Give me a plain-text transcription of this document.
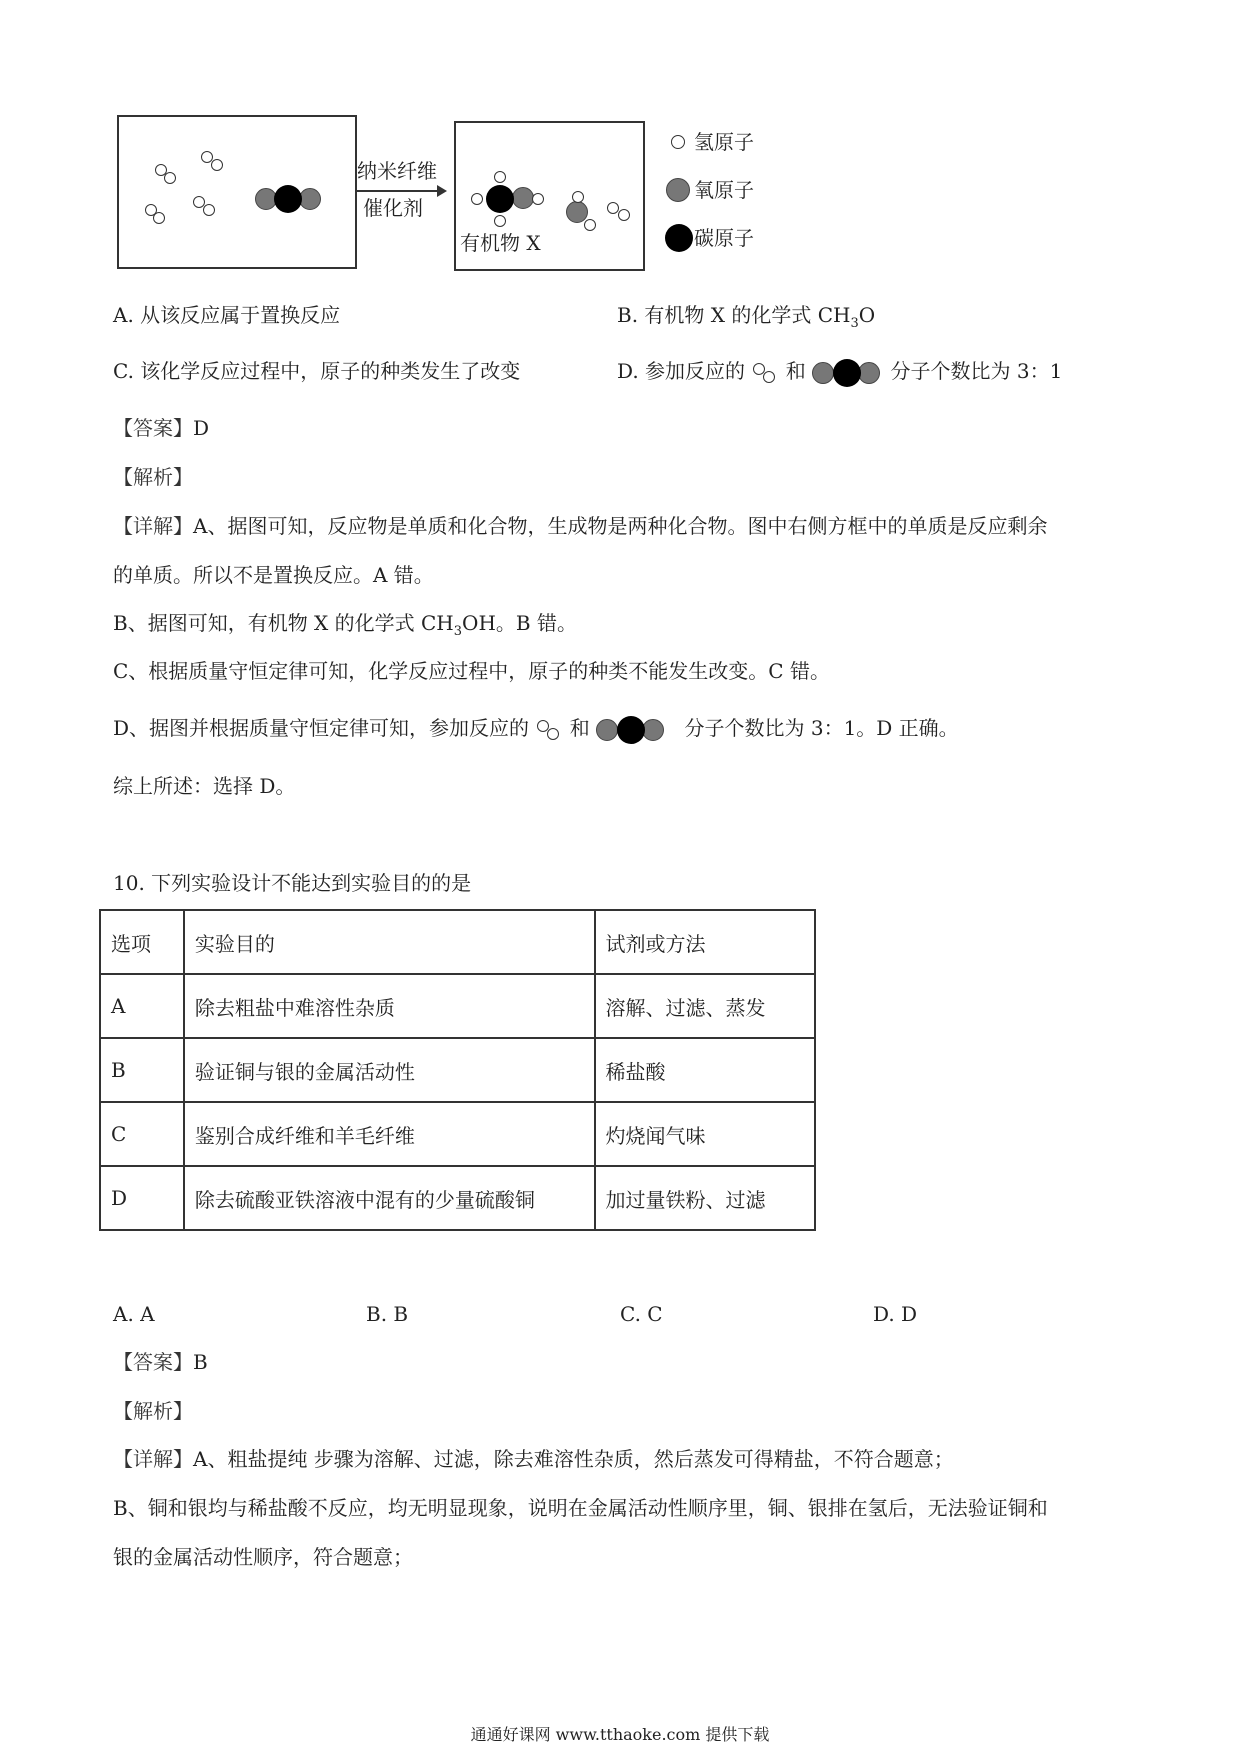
纳米纤维
催化剂
有机物 X
氢原子
氧原子
碳原子
A. 从该反应属于置换反应	B. 有机物 X 的化学式 $CH_3O$
C. 该化学反应过程中，原子的种类发生了改变	D. 参加反应的 和	分子个数比为 3：1
【答案】D
【解析】
【详解】A、据图可知，反应物是单质和化合物，生成物是两种化合物。图中右侧方框中的单质是反应剩余
的单质。所以不是置换反应。A 错。
B、据图可知，有机物 X 的化学式 $CH_3OH$。B 错。
C、根据质量守恒定律可知，化学反应过程中，原子的种类不能发生改变。C 错。
D、据图并根据质量守恒定律可知，参加反应的 和	分子个数比为 3：1。D 正确。
综上所述：选择 D。
10. 下列实验设计不能达到实验目的的是
选项	实验目的	试剂或方法
A	除去粗盐中难溶性杂质	溶解、过滤、蒸发
B	验证铜与银的金属活动性	稀盐酸
C	鉴别合成纤维和羊毛纤维	灼烧闻气味
D	除去硫酸亚铁溶液中混有的少量硫酸铜	加过量铁粉、过滤
A. A	B. B	C. C	D. D
【答案】B
【解析】
【详解】A、粗盐提纯 步骤为溶解、过滤，除去难溶性杂质，然后蒸发可得精盐，不符合题意；
B、铜和银均与稀盐酸不反应，均无明显现象，说明在金属活动性顺序里，铜、银排在氢后，无法验证铜和
银的金属活动性顺序，符合题意；
通通好课网 www.tthaoke.com 提供下载
